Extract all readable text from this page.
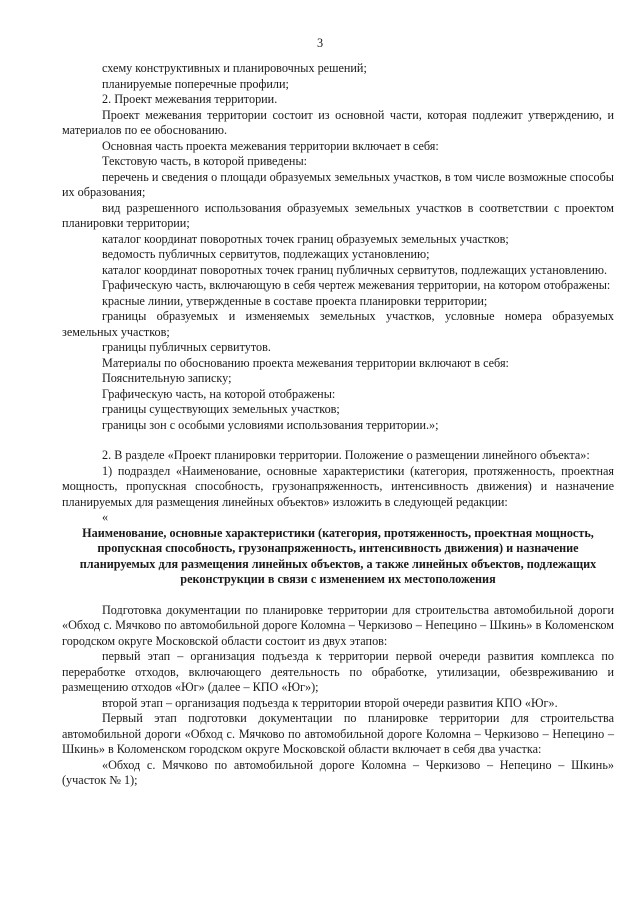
3

схему конструктивных и планировочных решений;

планируемые поперечные профили;

2. Проект межевания территории.

Проект межевания территории состоит из основной части, которая подлежит утверждению, и материалов по ее обоснованию.

Основная часть проекта межевания территории включает в себя:

Текстовую часть, в которой приведены:

перечень и сведения о площади образуемых земельных участков, в том числе возможные способы их образования;

вид разрешенного использования образуемых земельных участков в соответствии с проектом планировки территории;

каталог координат поворотных точек границ образуемых земельных участков;

ведомость публичных сервитутов, подлежащих установлению;

каталог координат поворотных точек границ публичных сервитутов, подлежащих установлению.

Графическую часть, включающую в себя чертеж межевания территории, на котором отображены:

красные линии, утвержденные в составе проекта планировки территории;

границы образуемых и изменяемых земельных участков, условные номера образуемых земельных участков;

границы публичных сервитутов.

Материалы по обоснованию проекта межевания территории включают в себя:

Пояснительную записку;

Графическую часть, на которой отображены:

границы существующих земельных участков;

границы зон с особыми условиями использования территории.»;

2. В разделе «Проект планировки территории. Положение о размещении линейного объекта»:

1) подраздел «Наименование, основные характеристики (категория, протяженность, проектная мощность, пропускная способность, грузонапряженность, интенсивность движения) и назначение планируемых для размещения линейных объектов» изложить в следующей редакции:

«

Наименование, основные характеристики (категория, протяженность, проектная мощность, пропускная способность, грузонапряженность, интенсивность движения) и назначение планируемых для размещения линейных объектов, а также линейных объектов, подлежащих реконструкции в связи с изменением их местоположения

Подготовка документации по планировке территории для строительства автомобильной дороги «Обход с. Мячково по автомобильной дороге Коломна – Черкизово – Непецино – Шкинь» в Коломенском городском округе Московской области состоит из двух этапов:

первый этап – организация подъезда к территории первой очереди развития комплекса по переработке отходов, включающего деятельность по обработке, утилизации, обезвреживанию и размещению отходов «Юг» (далее – КПО «Юг»);

второй этап – организация подъезда к территории второй очереди развития КПО «Юг».

Первый этап подготовки документации по планировке территории для строительства автомобильной дороги «Обход с. Мячково по автомобильной дороге Коломна – Черкизово – Непецино – Шкинь» в Коломенском городском округе Московской области включает в себя два участка:

«Обход с. Мячково по автомобильной дороге Коломна – Черкизово – Непецино – Шкинь» (участок № 1);
